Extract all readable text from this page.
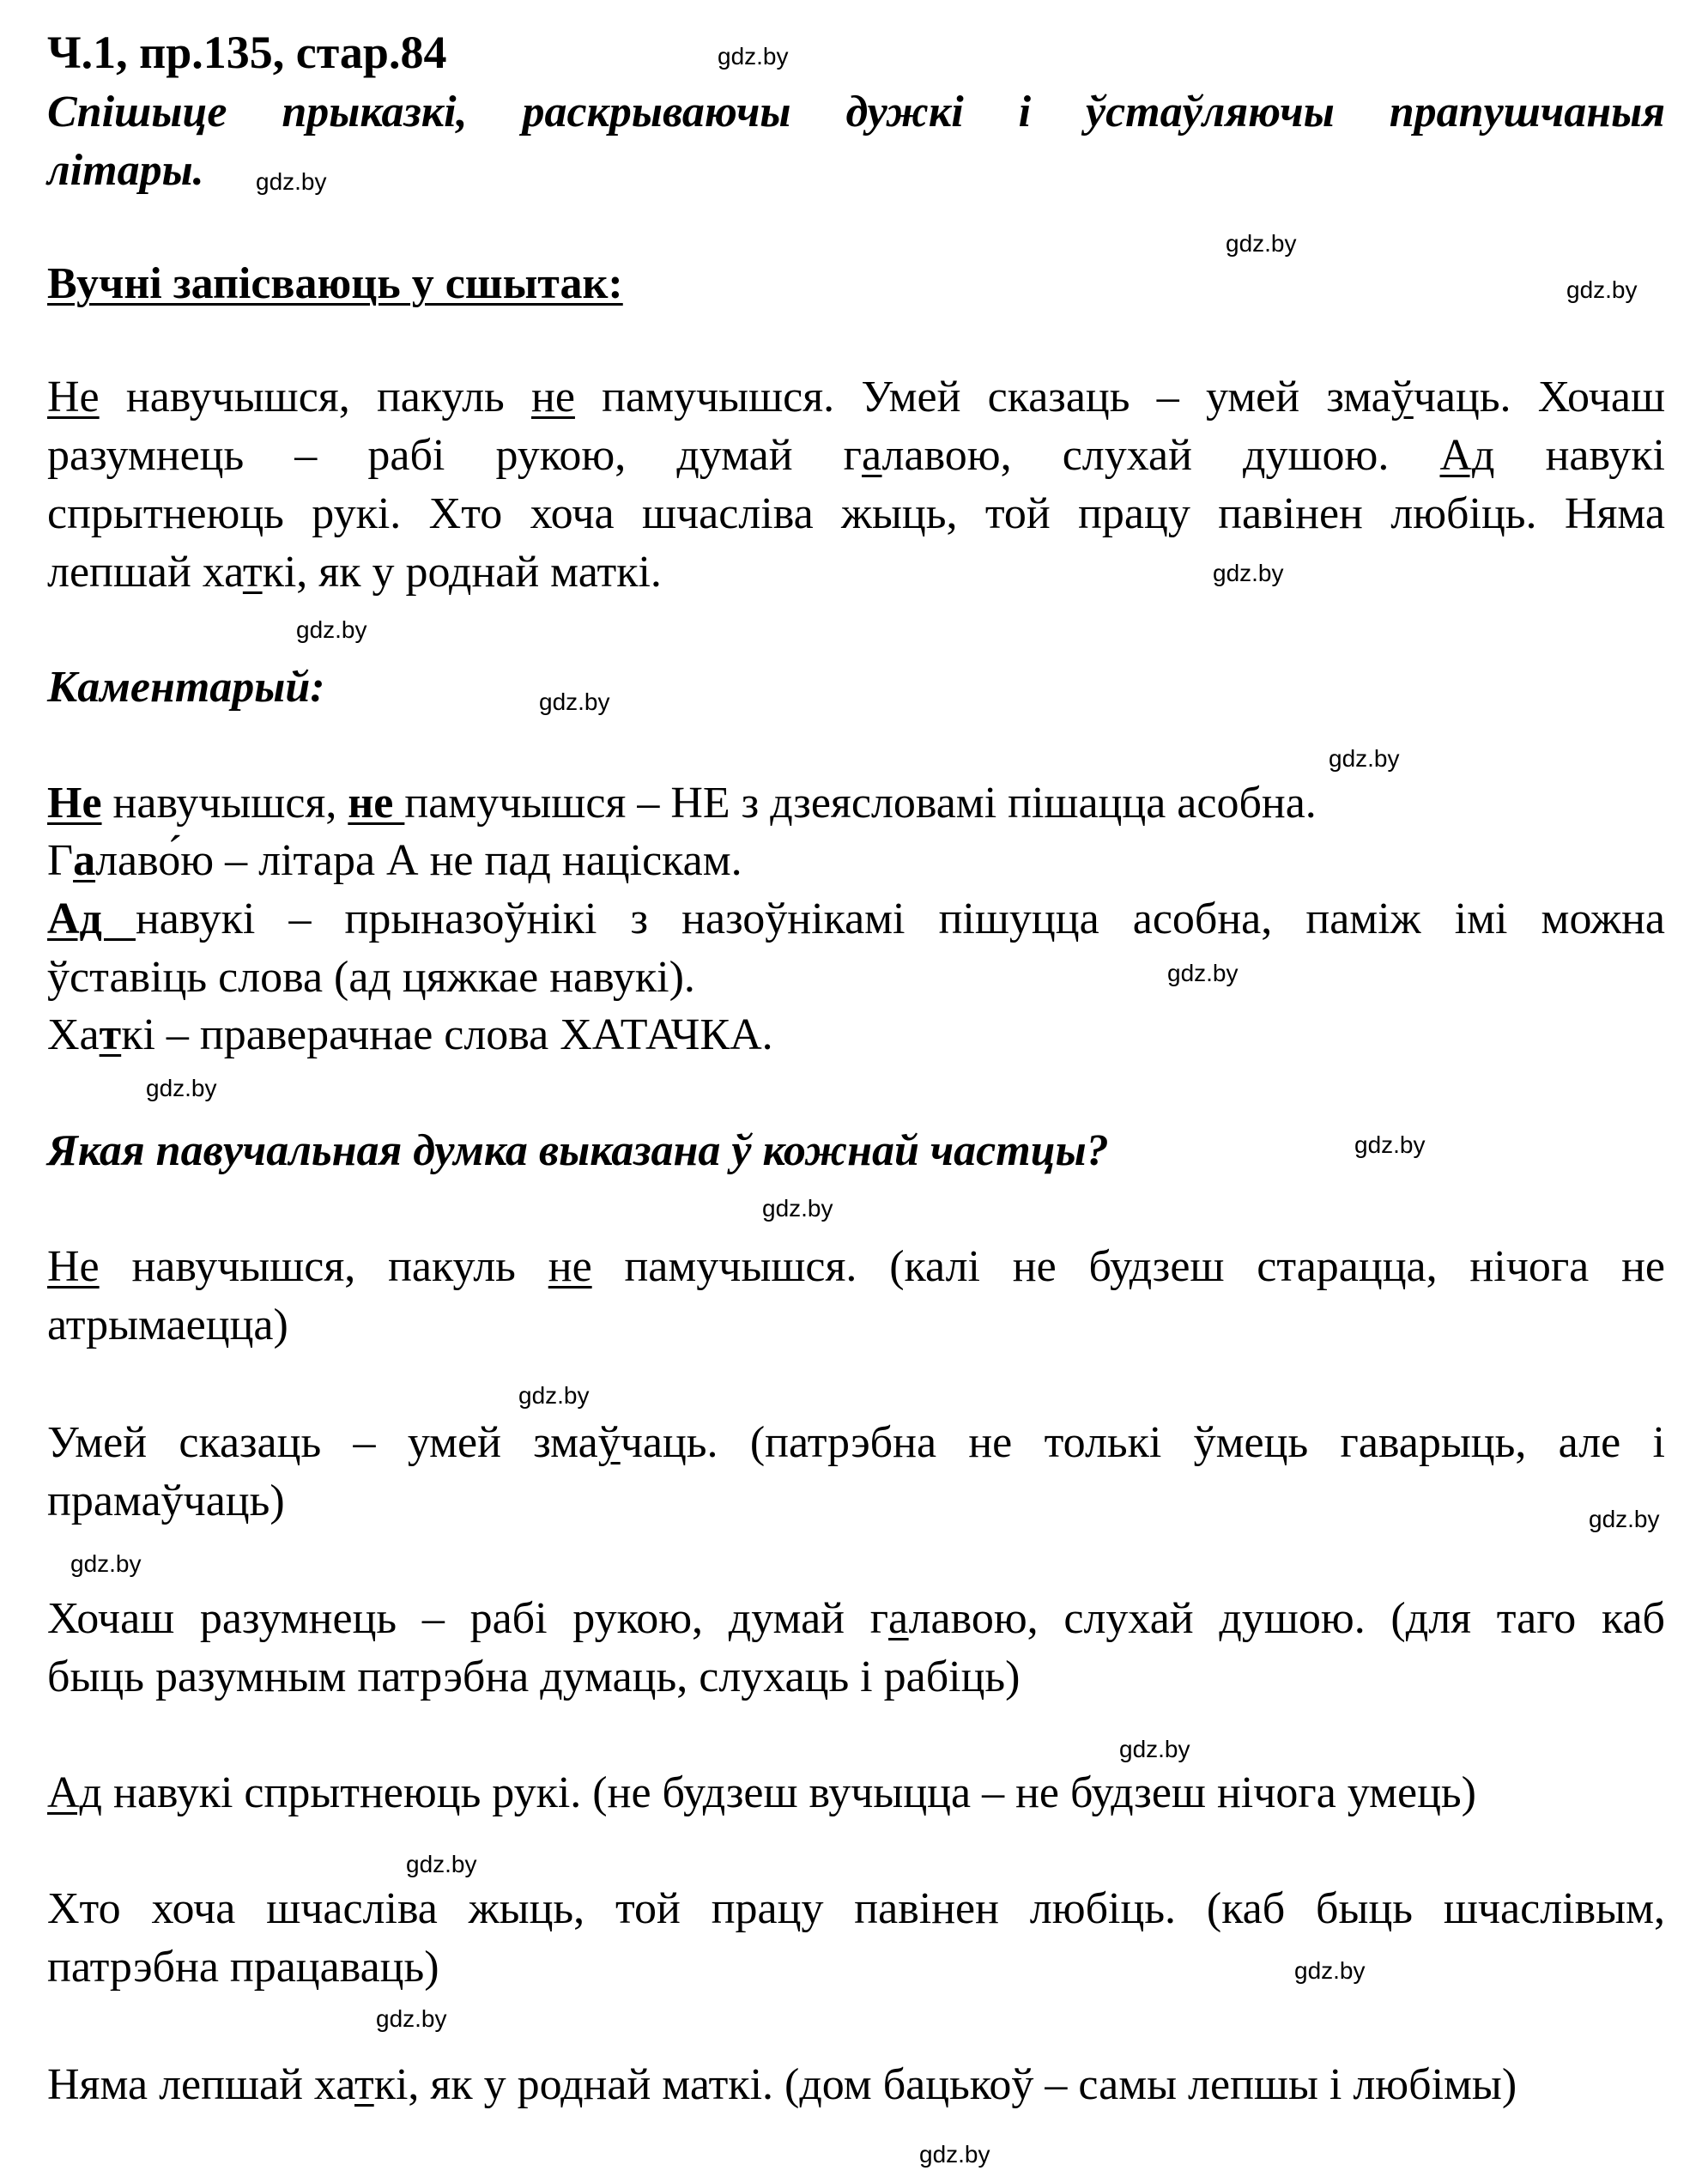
Ч.1, пр.135, стар.84
Спішыце прыказкі, раскрываючы дужкі і ўстаўляючы прапушчаныя
літары.
Вучні запісваюць у сшытак:
Не навучышся, пакуль не памучышся. Умей сказаць – умей змаўчаць. Хочаш
разумнець – рабі рукою, думай галавою, слухай душою. Ад навукі
спрытнеюць рукі. Хто хоча шчасліва жыць, той працу павінен любіць. Няма
лепшай хаткі, як у роднай маткі.
Каментарый:
Не навучышся, не памучышся – НЕ з дзеясловамі пішацца асобна.
Галаво́ю – літара А не пад націскам.
Ад навукі – прыназоўнікі з назоўнікамі пішуцца асобна, паміж імі можна
ўставіць слова (ад цяжкае навукі).
Хаткі – праверачнае слова ХАТАЧКА.
Якая павучальная думка выказана ў кожнай частцы?
Не навучышся, пакуль не памучышся. (калі не будзеш старацца, нічога не
атрымаецца)
Умей сказаць – умей змаўчаць. (патрэбна не толькі ўмець гаварыць, але і
прамаўчаць)
Хочаш разумнець – рабі рукою, думай галавою, слухай душою. (для таго каб
быць разумным патрэбна думаць, слухаць і рабіць)
Ад навукі спрытнеюць рукі. (не будзеш вучыцца – не будзеш нічога умець)
Хто хоча шчасліва жыць, той працу павінен любіць. (каб быць шчаслівым,
патрэбна працаваць)
Няма лепшай хаткі, як у роднай маткі. (дом бацькоў – самы лепшы і любімы)
gdz.by
gdz.by
gdz.by
gdz.by
gdz.by
gdz.by
gdz.by
gdz.by
gdz.by
gdz.by
gdz.by
gdz.by
gdz.by
gdz.by
gdz.by
gdz.by
gdz.by
gdz.by
gdz.by
gdz.by
